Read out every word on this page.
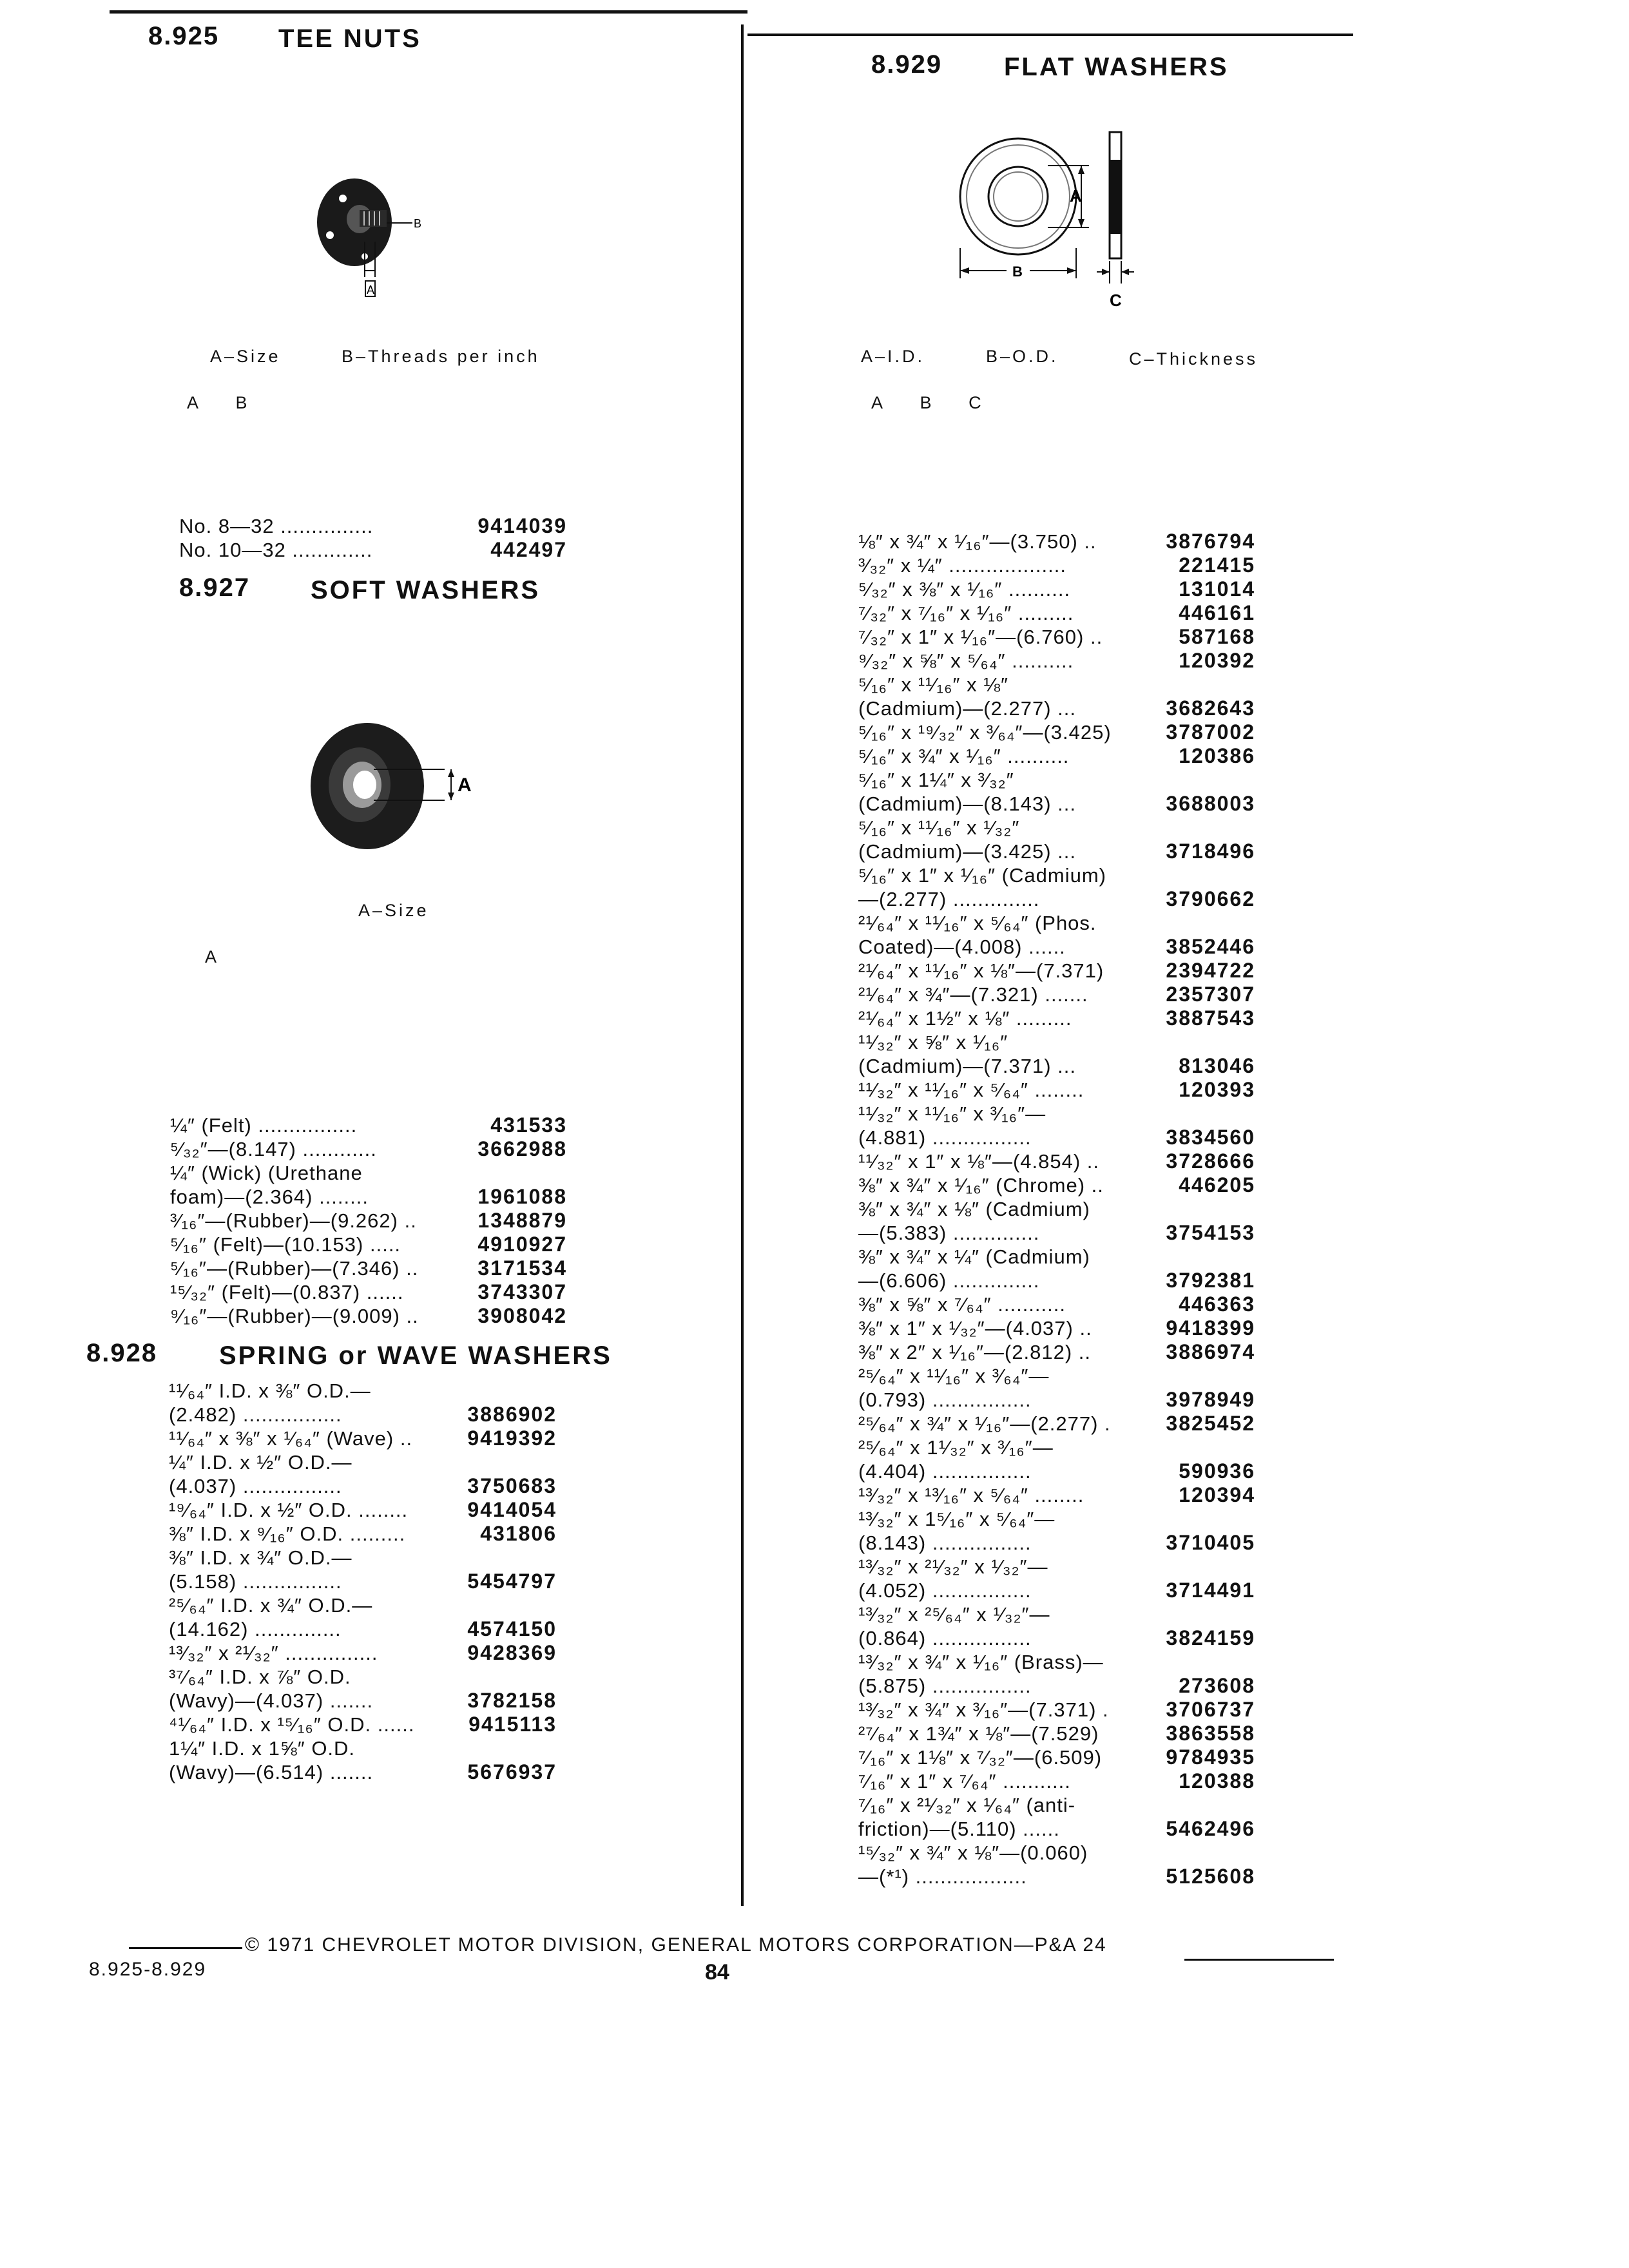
8.925 TEE NUTS
A
B
A–Size	B–Threads per inch
A B
No. 8—32 ...............	9414039
No. 10—32 .............	442497
8.927 SOFT WASHERS
A
A–Size
A
¼″ (Felt) ................	431533
⁵⁄₃₂″—(8.147) ............	3662988
¼″ (Wick) (Urethane
foam)—(2.364) ........	1961088
³⁄₁₆″—(Rubber)—(9.262) ..	1348879
⁵⁄₁₆″ (Felt)—(10.153) .....	4910927
⁵⁄₁₆″—(Rubber)—(7.346) ..	3171534
¹⁵⁄₃₂″ (Felt)—(0.837) ......	3743307
⁹⁄₁₆″—(Rubber)—(9.009) ..	3908042
8.928 SPRING or WAVE WASHERS
¹¹⁄₆₄″ I.D. x ⅜″ O.D.—
(2.482) ................	3886902
¹¹⁄₆₄″ x ⅜″ x ¹⁄₆₄″ (Wave) ..	9419392
¼″ I.D. x ½″ O.D.—
(4.037) ................	3750683
¹⁹⁄₆₄″ I.D. x ½″ O.D. ........	9414054
⅜″ I.D. x ⁹⁄₁₆″ O.D. .........	431806
⅜″ I.D. x ¾″ O.D.—
(5.158) ................	5454797
²⁵⁄₆₄″ I.D. x ¾″ O.D.—
(14.162) ..............	4574150
¹³⁄₃₂″ x ²¹⁄₃₂″ ...............	9428369
³⁷⁄₆₄″ I.D. x ⅞″ O.D.
(Wavy)—(4.037) .......	3782158
⁴¹⁄₆₄″ I.D. x ¹⁵⁄₁₆″ O.D. ......	9415113
1¼″ I.D. x 1⅝″ O.D.
(Wavy)—(6.514) .......	5676937
8.929 FLAT WASHERS
A
B
C
A–I.D.	B–O.D.	C–Thickness
A B C
⅛″ x ¾″ x ¹⁄₁₆″—(3.750) ..	3876794
³⁄₃₂″ x ¼″ ...................	221415
⁵⁄₃₂″ x ⅜″ x ¹⁄₁₆″ ..........	131014
⁷⁄₃₂″ x ⁷⁄₁₆″ x ¹⁄₁₆″ .........	446161
⁷⁄₃₂″ x 1″ x ¹⁄₁₆″—(6.760) ..	587168
⁹⁄₃₂″ x ⅝″ x ⁵⁄₆₄″ ..........	120392
⁵⁄₁₆″ x ¹¹⁄₁₆″ x ⅛″
(Cadmium)—(2.277) ...	3682643
⁵⁄₁₆″ x ¹⁹⁄₃₂″ x ³⁄₆₄″—(3.425)	3787002
⁵⁄₁₆″ x ¾″ x ¹⁄₁₆″ ..........	120386
⁵⁄₁₆″ x 1¼″ x ³⁄₃₂″
(Cadmium)—(8.143) ...	3688003
⁵⁄₁₆″ x ¹¹⁄₁₆″ x ¹⁄₃₂″
(Cadmium)—(3.425) ...	3718496
⁵⁄₁₆″ x 1″ x ¹⁄₁₆″ (Cadmium)
—(2.277) ..............	3790662
²¹⁄₆₄″ x ¹¹⁄₁₆″ x ⁵⁄₆₄″ (Phos.
Coated)—(4.008) ......	3852446
²¹⁄₆₄″ x ¹¹⁄₁₆″ x ⅛″—(7.371)	2394722
²¹⁄₆₄″ x ¾″—(7.321) .......	2357307
²¹⁄₆₄″ x 1½″ x ⅛″ .........	3887543
¹¹⁄₃₂″ x ⅝″ x ¹⁄₁₆″
(Cadmium)—(7.371) ...	813046
¹¹⁄₃₂″ x ¹¹⁄₁₆″ x ⁵⁄₆₄″ ........	120393
¹¹⁄₃₂″ x ¹¹⁄₁₆″ x ³⁄₁₆″—
(4.881) ................	3834560
¹¹⁄₃₂″ x 1″ x ⅛″—(4.854) ..	3728666
⅜″ x ¾″ x ¹⁄₁₆″ (Chrome) ..	446205
⅜″ x ¾″ x ⅛″ (Cadmium)
—(5.383) ..............	3754153
⅜″ x ¾″ x ¼″ (Cadmium)
—(6.606) ..............	3792381
⅜″ x ⅝″ x ⁷⁄₆₄″ ...........	446363
⅜″ x 1″ x ¹⁄₃₂″—(4.037) ..	9418399
⅜″ x 2″ x ¹⁄₁₆″—(2.812) ..	3886974
²⁵⁄₆₄″ x ¹¹⁄₁₆″ x ³⁄₆₄″—
(0.793) ................	3978949
²⁵⁄₆₄″ x ¾″ x ¹⁄₁₆″—(2.277) .	3825452
²⁵⁄₆₄″ x 1¹⁄₃₂″ x ³⁄₁₆″—
(4.404) ................	590936
¹³⁄₃₂″ x ¹³⁄₁₆″ x ⁵⁄₆₄″ ........	120394
¹³⁄₃₂″ x 1⁵⁄₁₆″ x ⁵⁄₆₄″—
(8.143) ................	3710405
¹³⁄₃₂″ x ²¹⁄₃₂″ x ¹⁄₃₂″—
(4.052) ................	3714491
¹³⁄₃₂″ x ²⁵⁄₆₄″ x ¹⁄₃₂″—
(0.864) ................	3824159
¹³⁄₃₂″ x ¾″ x ¹⁄₁₆″ (Brass)—
(5.875) ................	273608
¹³⁄₃₂″ x ¾″ x ³⁄₁₆″—(7.371) .	3706737
²⁷⁄₆₄″ x 1¾″ x ⅛″—(7.529)	3863558
⁷⁄₁₆″ x 1⅛″ x ⁷⁄₃₂″—(6.509)	9784935
⁷⁄₁₆″ x 1″ x ⁷⁄₆₄″ ...........	120388
⁷⁄₁₆″ x ²¹⁄₃₂″ x ¹⁄₆₄″ (anti-
friction)—(5.110) ......	5462496
¹⁵⁄₃₂″ x ¾″ x ⅛″—(0.060)
—(*¹) ..................	5125608
© 1971 CHEVROLET MOTOR DIVISION, GENERAL MOTORS CORPORATION—P&A 24
8.925-8.929	84
